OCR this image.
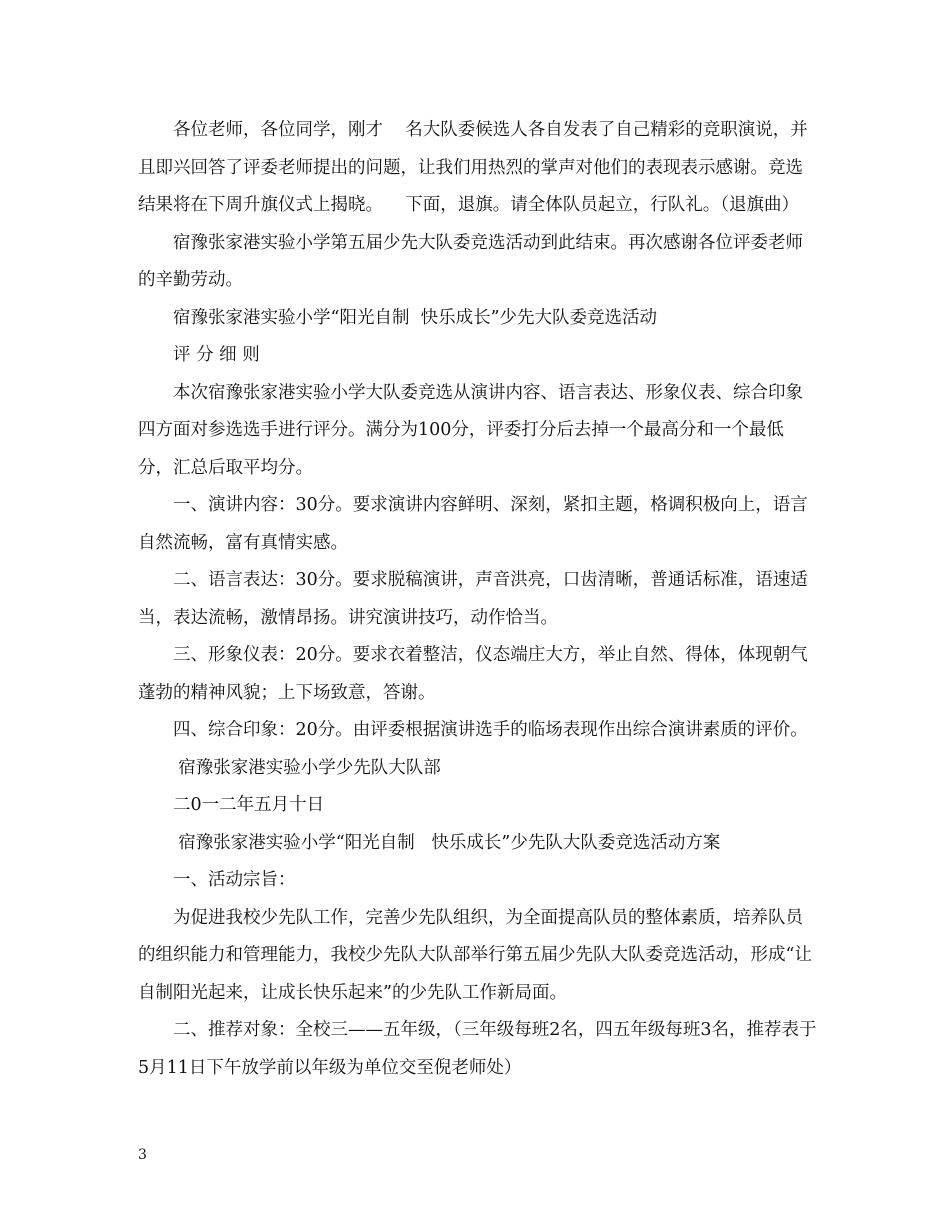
各位老师，各位同学，刚才    名大队委候选人各自发表了自己精彩的竞职演说，并且即兴回答了评委老师提出的问题，让我们用热烈的掌声对他们的表现表示感谢。竞选结果将在下周升旗仪式上揭晓。    下面，退旗。请全体队员起立，行队礼。（退旗曲）

宿豫张家港实验小学第五届少先大队委竞选活动到此结束。再次感谢各位评委老师的辛勤劳动。

宿豫张家港实验小学“阳光自制  快乐成长”少先大队委竞选活动

评 分 细 则

本次宿豫张家港实验小学大队委竞选从演讲内容、语言表达、形象仪表、综合印象四方面对参选选手进行评分。满分为100分，评委打分后去掉一个最高分和一个最低分，汇总后取平均分。

一、演讲内容：30分。要求演讲内容鲜明、深刻，紧扣主题，格调积极向上，语言自然流畅，富有真情实感。

二、语言表达：30分。要求脱稿演讲，声音洪亮，口齿清晰，普通话标准，语速适当，表达流畅，激情昂扬。讲究演讲技巧，动作恰当。

三、形象仪表：20分。要求衣着整洁，仪态端庄大方，举止自然、得体，体现朝气蓬勃的精神风貌；上下场致意，答谢。

四、综合印象：20分。由评委根据演讲选手的临场表现作出综合演讲素质的评价。

宿豫张家港实验小学少先队大队部

二0一二年五月十日

宿豫张家港实验小学“阳光自制   快乐成长”少先队大队委竞选活动方案

一、活动宗旨：

为促进我校少先队工作，完善少先队组织，为全面提高队员的整体素质，培养队员的组织能力和管理能力，我校少先队大队部举行第五届少先队大队委竞选活动，形成“让自制阳光起来，让成长快乐起来”的少先队工作新局面。

二、推荐对象：全校三——五年级，（三年级每班2名，四五年级每班3名，推荐表于5月11日下午放学前以年级为单位交至倪老师处）

3
